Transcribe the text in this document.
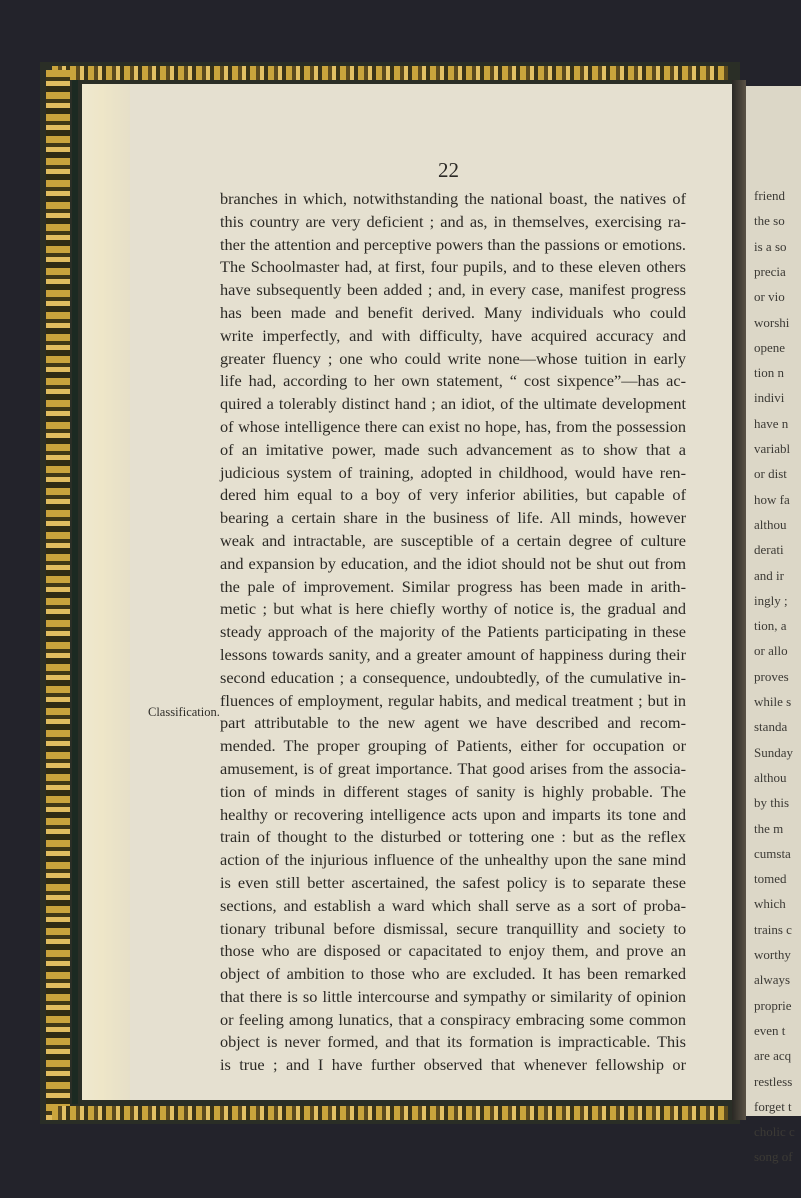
friend
the so
is a so
precia
or vio
worshi
opene
tion n
indivi
have n
variabl
or dist
how fa
althou
derati
and ir
ingly ;
tion, a
or allo
proves
while s
standa
Sunday
althou
by this
the m
cumsta
tomed
which
trains c
worthy
always
proprie
even t
are acq
restless
forget t
cholic c
song of
22
Classification.
branches in which, notwithstanding the national boast, the natives of
this country are very deficient ; and as, in themselves, exercising ra-
ther the attention and perceptive powers than the passions or emotions.
The Schoolmaster had, at first, four pupils, and to these eleven others
have subsequently been added ; and, in every case, manifest progress
has been made and benefit derived. Many individuals who could
write imperfectly, and with difficulty, have acquired accuracy and
greater fluency ; one who could write none—whose tuition in early
life had, according to her own statement, “ cost sixpence”—has ac-
quired a tolerably distinct hand ; an idiot, of the ultimate development
of whose intelligence there can exist no hope, has, from the possession
of an imitative power, made such advancement as to show that a
judicious system of training, adopted in childhood, would have ren-
dered him equal to a boy of very inferior abilities, but capable of
bearing a certain share in the business of life. All minds, however
weak and intractable, are susceptible of a certain degree of culture
and expansion by education, and the idiot should not be shut out from
the pale of improvement. Similar progress has been made in arith-
metic ; but what is here chiefly worthy of notice is, the gradual and
steady approach of the majority of the Patients participating in these
lessons towards sanity, and a greater amount of happiness during their
second education ; a consequence, undoubtedly, of the cumulative in-
fluences of employment, regular habits, and medical treatment ; but in
part attributable to the new agent we have described and recom-
mended. The proper grouping of Patients, either for occupation or
amusement, is of great importance. That good arises from the associa-
tion of minds in different stages of sanity is highly probable. The
healthy or recovering intelligence acts upon and imparts its tone and
train of thought to the disturbed or tottering one : but as the reflex
action of the injurious influence of the unhealthy upon the sane mind
is even still better ascertained, the safest policy is to separate these
sections, and establish a ward which shall serve as a sort of proba-
tionary tribunal before dismissal, secure tranquillity and society to
those who are disposed or capacitated to enjoy them, and prove an
object of ambition to those who are excluded. It has been remarked
that there is so little intercourse and sympathy or similarity of opinion
or feeling among lunatics, that a conspiracy embracing some common
object is never formed, and that its formation is impracticable. This
is true ; and I have further observed that whenever fellowship or
